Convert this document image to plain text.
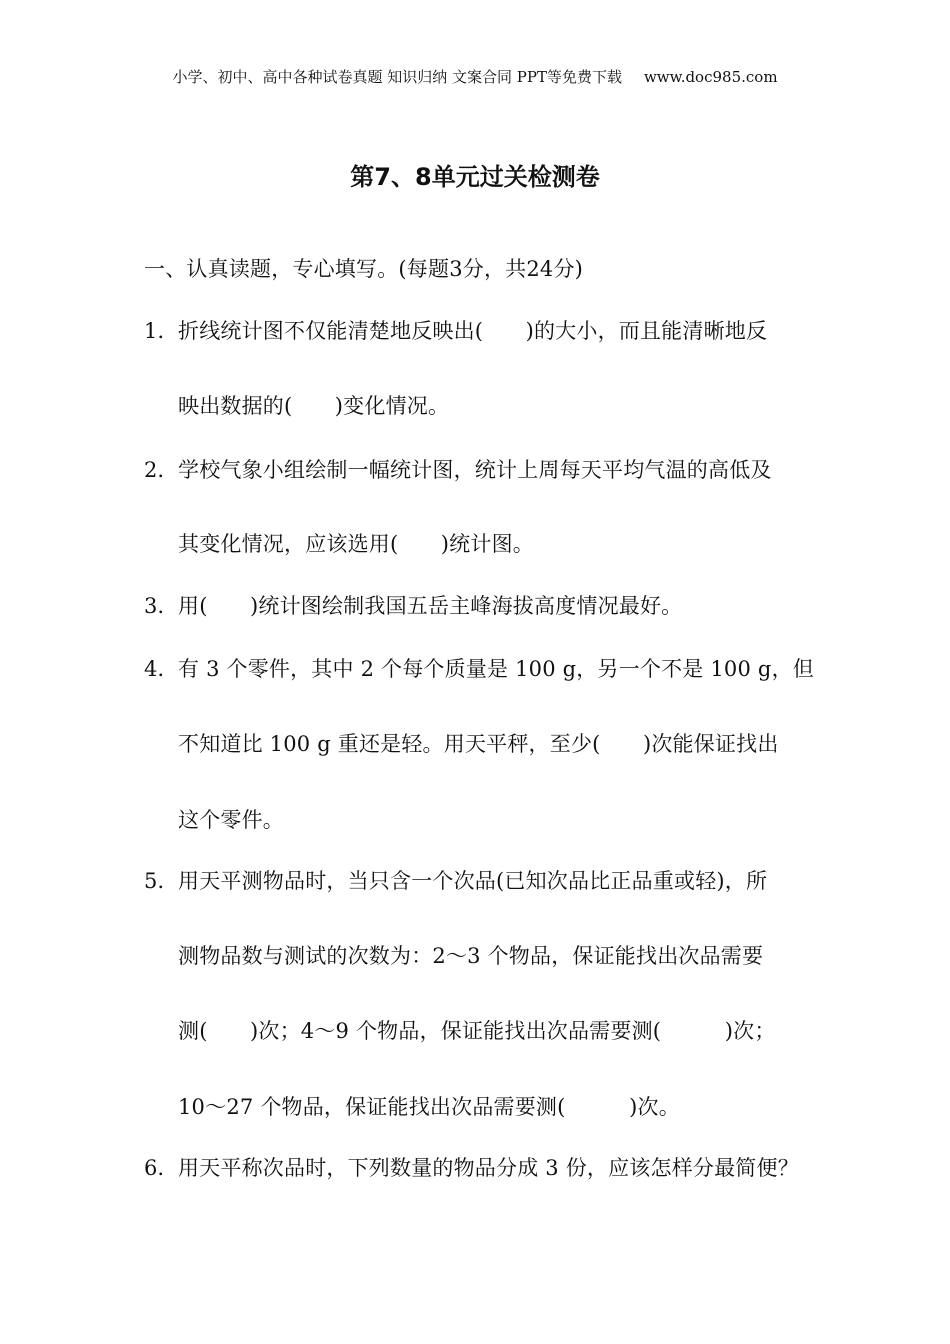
小学、初中、高中各种试卷真题 知识归纳 文案合同 PPT等免费下载 www.doc985.com
第7、8单元过关检测卷
一、认真读题，专心填写。(每题3分，共24分)
1．折线统计图不仅能清楚地反映出(　　)的大小，而且能清晰地反
映出数据的(　　)变化情况。
2．学校气象小组绘制一幅统计图，统计上周每天平均气温的高低及
其变化情况，应该选用(　　)统计图。
3．用(　　)统计图绘制我国五岳主峰海拔高度情况最好。
4．有 3 个零件，其中 2 个每个质量是 100 g，另一个不是 100 g，但
不知道比 100 g 重还是轻。用天平秤，至少(　　)次能保证找出
这个零件。
5．用天平测物品时，当只含一个次品(已知次品比正品重或轻)，所
测物品数与测试的次数为：2～3 个物品，保证能找出次品需要
测(　　)次；4～9 个物品，保证能找出次品需要测(　　　)次；
10～27 个物品，保证能找出次品需要测(　　　)次。
6．用天平称次品时，下列数量的物品分成 3 份，应该怎样分最简便？
